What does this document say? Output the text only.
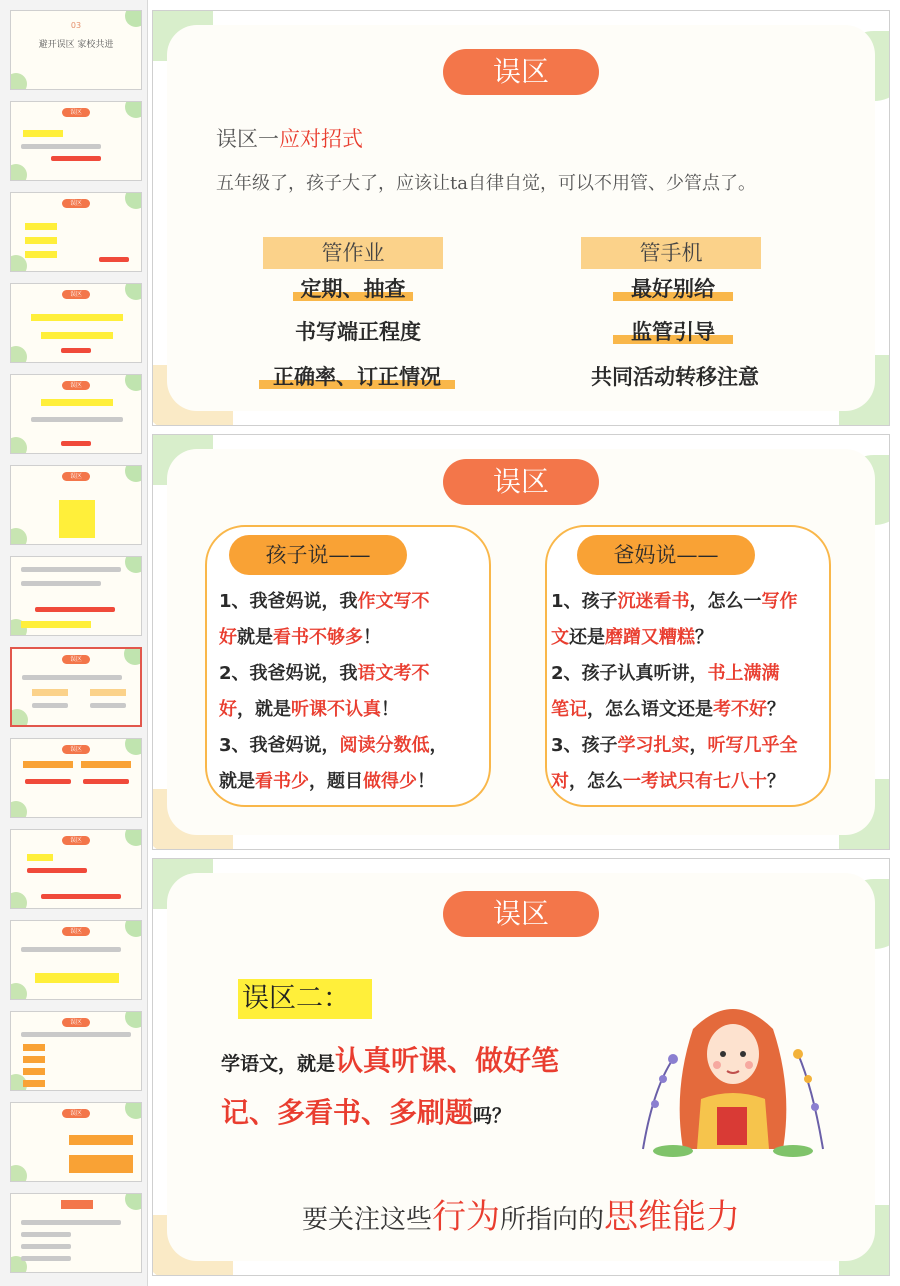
03
避开误区 家校共进
误区
误区
误区
误区
误区
误区
误区
误区
误区
误区
误区
误区
误区一应对招式
五年级了，孩子大了，应该让ta自律自觉，可以不用管、少管点了。
管作业	管手机
定期、抽查
书写端正程度
正确率、订正情况
最好别给
监管引导
共同活动转移注意
误区
孩子说——	爸妈说——
1、我爸妈说，我作文写不
好就是看书不够多！
2、我爸妈说，我语文考不
好，就是听课不认真！
3、我爸妈说，阅读分数低，
就是看书少，题目做得少！
1、孩子沉迷看书，怎么一写作
文还是磨蹭又糟糕？
2、孩子认真听讲，书上满满
笔记，怎么语文还是考不好？
3、孩子学习扎实，听写几乎全
对，怎么一考试只有七八十？
误区
误区二：
学语文，就是认真听课、做好笔
记、多看书、多刷题吗？
要关注这些行为所指向的思维能力
